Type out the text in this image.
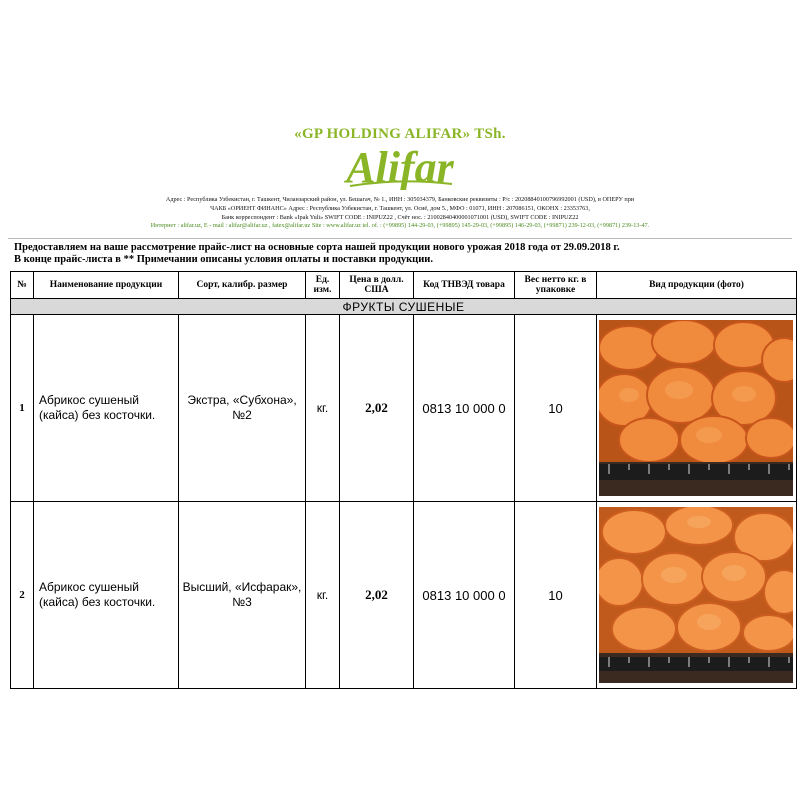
«GP HOLDING ALIFAR» TSh.
Alifar
Адрес : Республика Узбекистан, г. Ташкент, Чиланзарский район, ул. Бешагач, № 1., ИНН : 305034379, Банковские реквизиты : Р/с : 20208840100796992001 (USD), в ОПЕРУ при
ЧАКБ «ОРИЕНТ ФИНАНС» Адрес : Республика Узбекистан, г. Ташкент, ул. Осиё, дом 5., МФО : 01071, ИНН : 207086151, ОКОНХ : 23353763,
Банк корреспондент : Bank «Ipak Yuli» SWIFT CODE : INIPUZ22 , Счёт нос. : 21002840400001071001 (USD), SWIFT CODE : INIPUZ22
Интернет : alifar.uz, E - mail : alifar@alifar.uz , fatex@alifar.uz Site : www.alifar.uz tel. of. : (+99895) 144-29-03, (+99895) 145-29-03, (+99895) 146-29-03, (+99871) 239-12-03, (+99871) 239-13-47.
Предоставляем на ваше рассмотрение прайс-лист на основные сорта нашей продукции нового урожая 2018 года от 29.09.2018 г.
В конце прайс-листа в ** Примечании описаны условия оплаты и поставки продукции.
№	Наименование продукции	Сорт, калибр. размер	Ед. изм.	Цена в долл. США	Код ТНВЭД товара	Вес нетто кг. в упаковке	Вид продукции (фото)
ФРУКТЫ СУШЕНЫЕ							
1	Абрикос сушеный (кайса) без косточки.	Экстра, «Субхона», №2	кг.	2,02	0813 10 000 0	10	

2	Абрикос сушеный (кайса) без косточки.	Высший, «Исфарак», №3	кг.	2,02	0813 10 000 0	10	
